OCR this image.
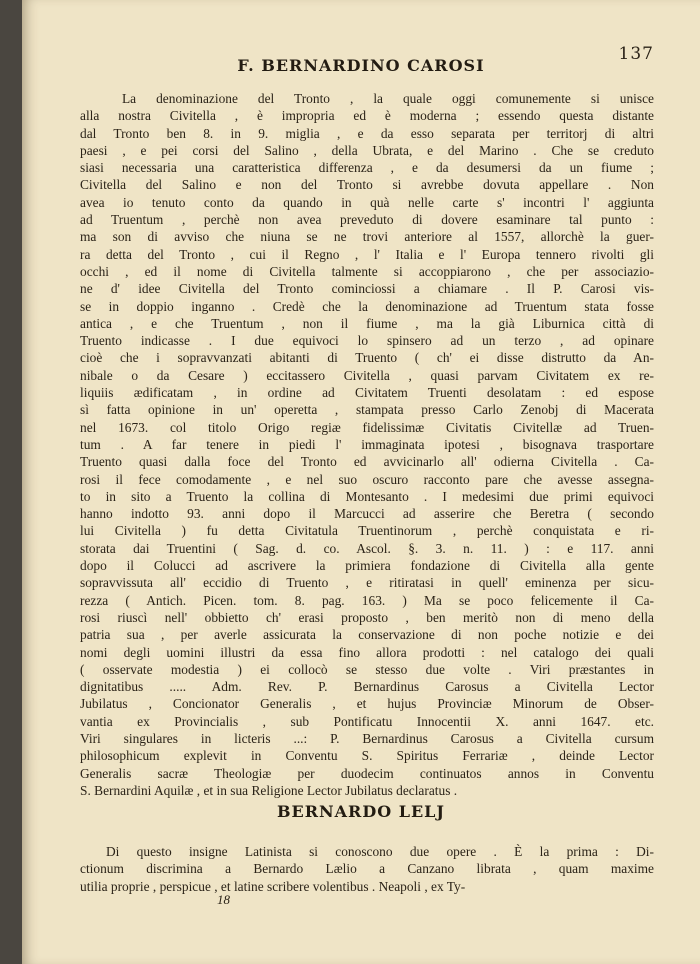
137
F. BERNARDINO CAROSI
La denominazione del Tronto , la quale oggi comunemente si unisce
alla nostra Civitella , è impropria ed è moderna ; essendo questa distante
dal Tronto ben 8. in 9. miglia , e da esso separata per territorj di altri
paesi , e pei corsi del Salino , della Ubrata, e del Marino . Che se creduto
siasi necessaria una caratteristica differenza , e da desumersi da un fiume ;
Civitella del Salino e non del Tronto si avrebbe dovuta appellare . Non
avea io tenuto conto da quando in quà nelle carte s' incontri l' aggiunta
ad Truentum , perchè non avea preveduto di dovere esaminare tal punto :
ma son di avviso che niuna se ne trovi anteriore al 1557, allorchè la guer-
ra detta del Tronto , cui il Regno , l' Italia e l' Europa tennero rivolti gli
occhi , ed il nome di Civitella talmente si accoppiarono , che per associazio-
ne d' idee Civitella del Tronto cominciossi a chiamare . Il P. Carosi vis-
se in doppio inganno . Credè che la denominazione ad Truentum stata fosse
antica , e che Truentum , non il fiume , ma la già Liburnica città di
Truento indicasse . I due equivoci lo spinsero ad un terzo , ad opinare
cioè che i sopravvanzati abitanti di Truento ( ch' ei disse distrutto da An-
nibale o da Cesare ) eccitassero Civitella , quasi parvam Civitatem ex re-
liquiis ædificatam , in ordine ad Civitatem Truenti desolatam : ed espose
sì fatta opinione in un' operetta , stampata presso Carlo Zenobj di Macerata
nel 1673. col titolo Origo regiæ fidelissimæ Civitatis Civitellæ ad Truen-
tum . A far tenere in piedi l' immaginata ipotesi , bisognava trasportare
Truento quasi dalla foce del Tronto ed avvicinarlo all' odierna Civitella . Ca-
rosi il fece comodamente , e nel suo oscuro racconto pare che avesse assegna-
to in sito a Truento la collina di Montesanto . I medesimi due primi equivoci
hanno indotto 93. anni dopo il Marcucci ad asserire che Beretra ( secondo
lui Civitella ) fu detta Civitatula Truentinorum , perchè conquistata e ri-
storata dai Truentini ( Sag. d. co. Ascol. §. 3. n. 11. ) : e 117. anni
dopo il Colucci ad ascrivere la primiera fondazione di Civitella alla gente
sopravvissuta all' eccidio di Truento , e ritiratasi in quell' eminenza per sicu-
rezza ( Antich. Picen. tom. 8. pag. 163. ) Ma se poco felicemente il Ca-
rosi riuscì nell' obbietto ch' erasi proposto , ben meritò non di meno della
patria sua , per averle assicurata la conservazione di non poche notizie e dei
nomi degli uomini illustri da essa fino allora prodotti : nel catalogo dei quali
( osservate modestia ) ei collocò se stesso due volte . Viri præstantes in
dignitatibus ..... Adm. Rev. P. Bernardinus Carosus a Civitella Lector
Jubilatus , Concionator Generalis , et hujus Provinciæ Minorum de Obser-
vantia ex Provincialis , sub Pontificatu Innocentii X. anni 1647. etc.
Viri singulares in licteris ...: P. Bernardinus Carosus a Civitella cursum
philosophicum explevit in Conventu S. Spiritus Ferrariæ , deinde Lector
Generalis sacræ Theologiæ per duodecim continuatos annos in Conventu
S. Bernardini Aquilæ , et in sua Religione Lector Jubilatus declaratus .
BERNARDO LELJ
Di questo insigne Latinista si conoscono due opere . È la prima : Di-
ctionum discrimina a Bernardo Lælio a Canzano librata , quam maxime
utilia proprie , perspicue , et latine scribere volentibus . Neapoli , ex Ty-
18
